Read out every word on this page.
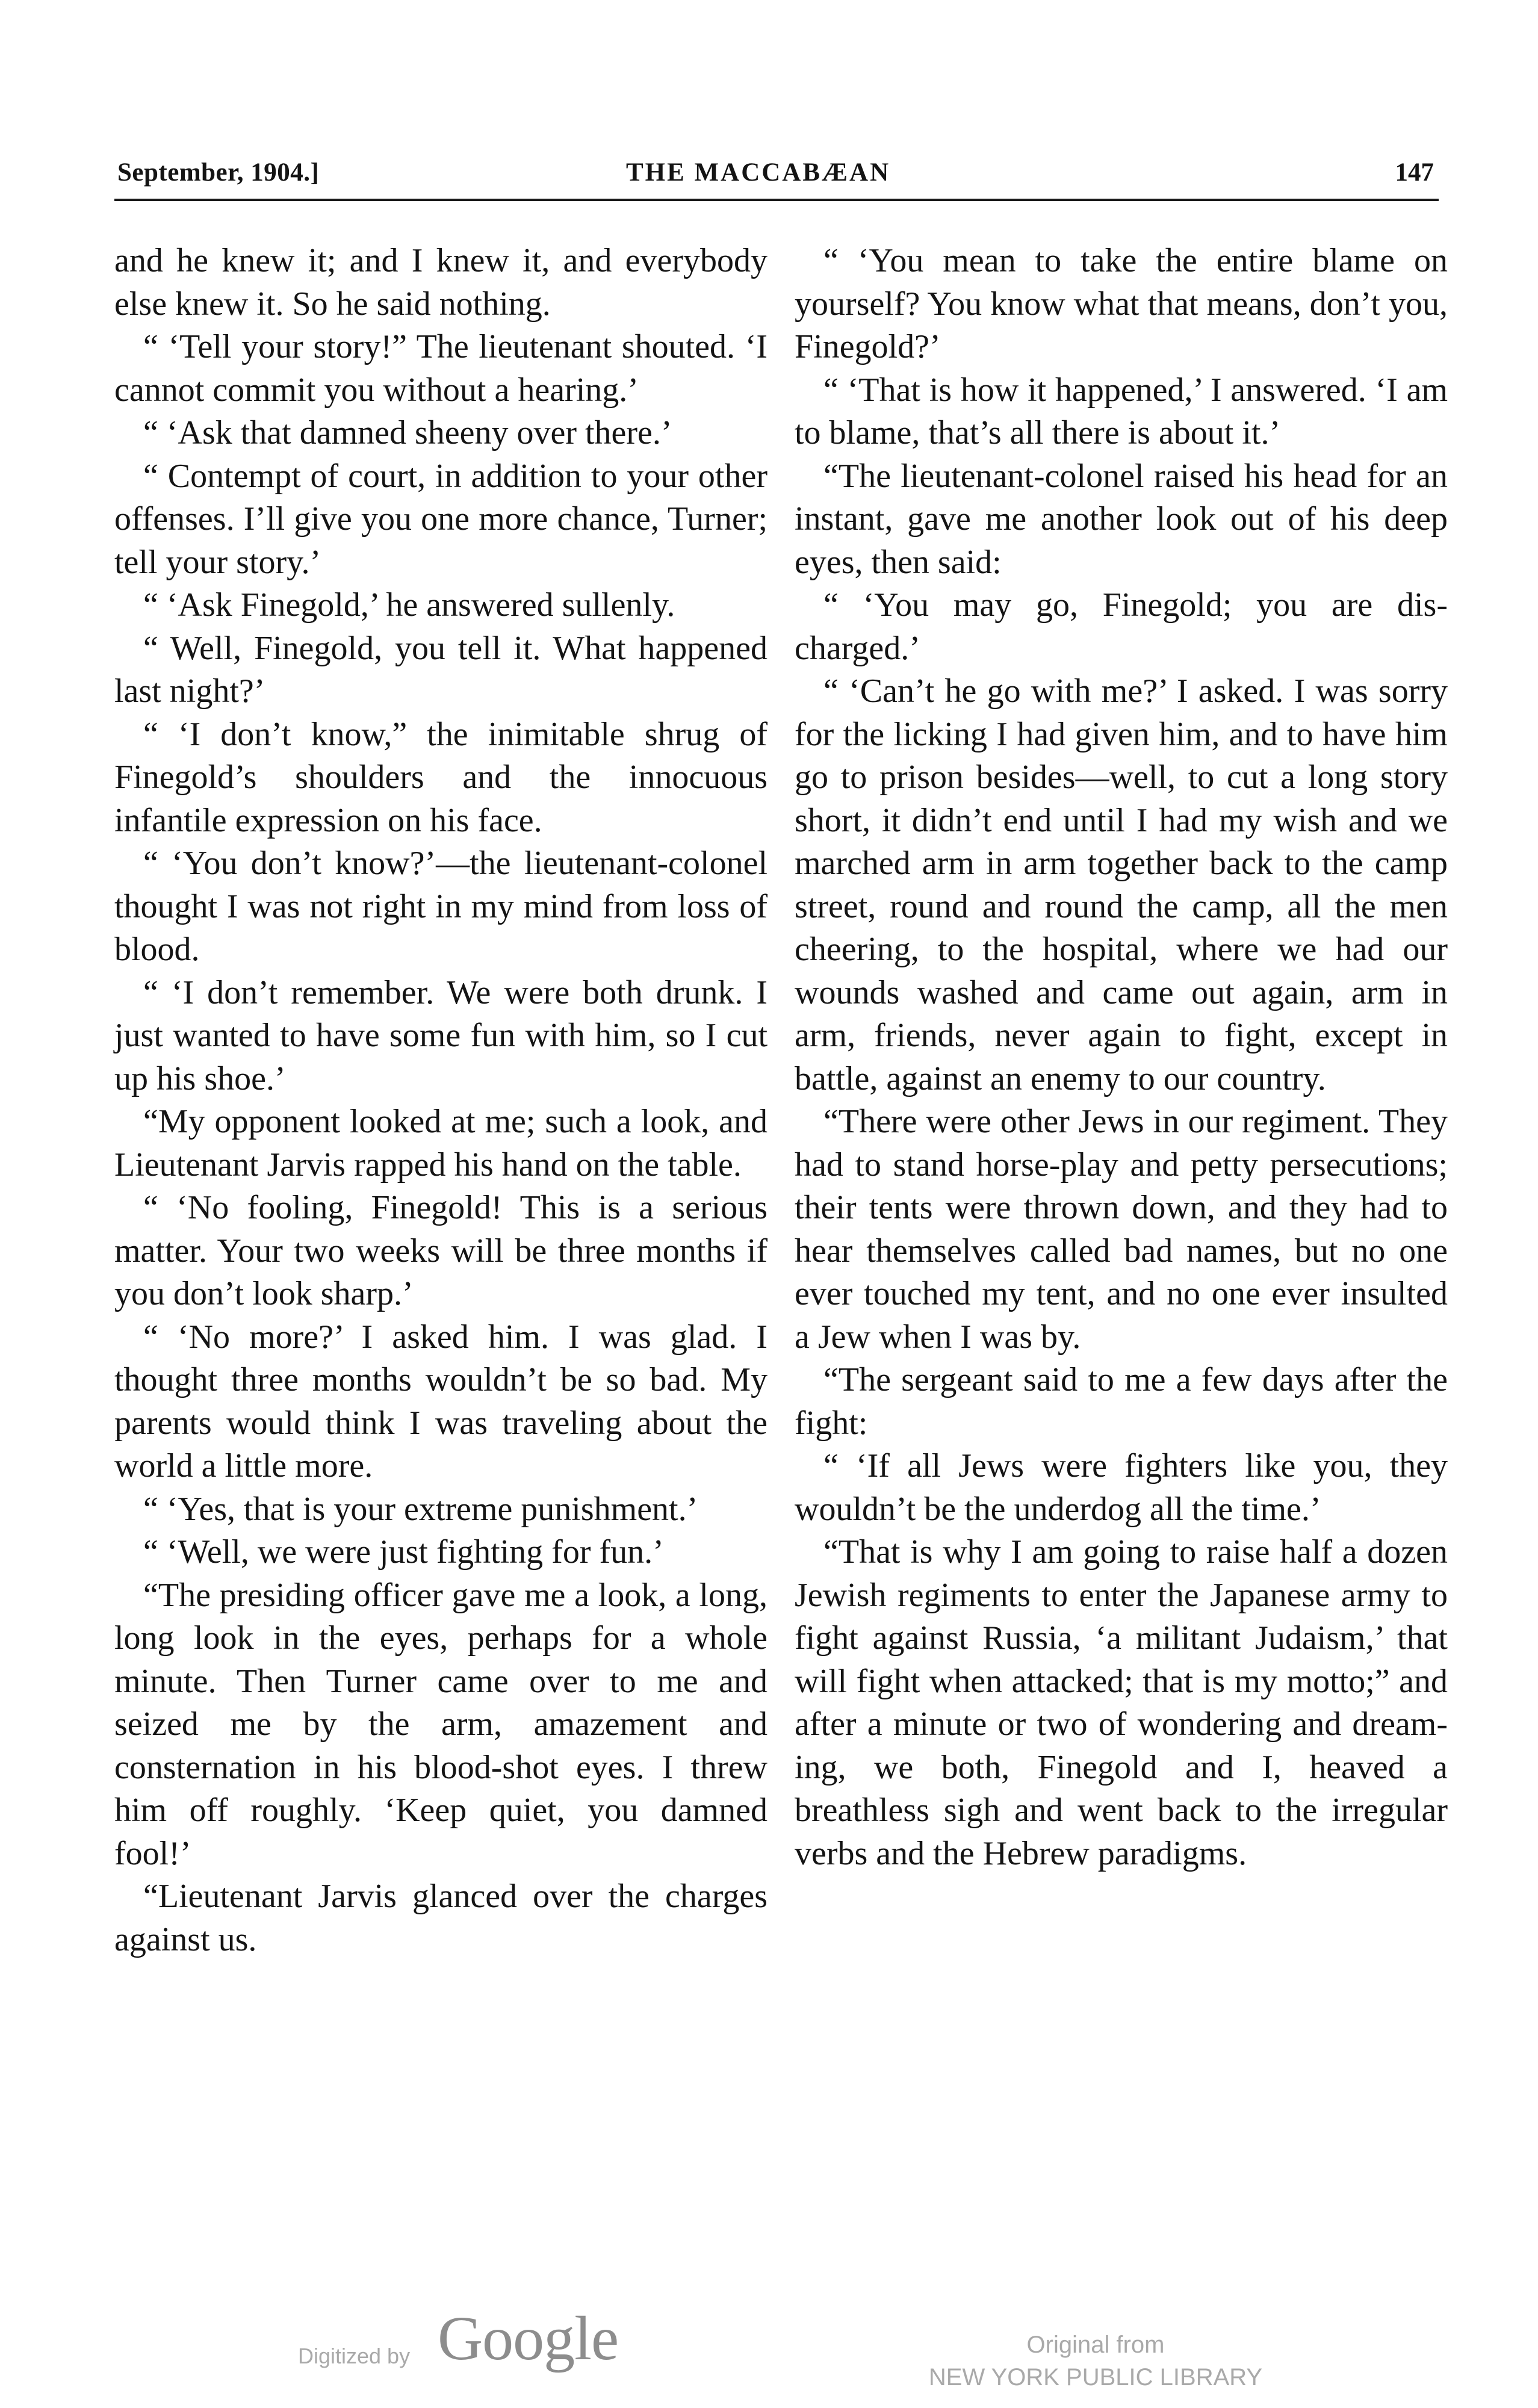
September, 1904.]	THE MACCABÆAN	147

and he knew it; and I knew it, and everybody else knew it. So he said nothing.

“ ‘Tell your story!” The lieutenant shouted. ‘I cannot commit you without a hearing.’

“ ‘Ask that damned sheeny over there.’

“ Contempt of court, in addition to your other offenses. I’ll give you one more chance, Turner; tell your story.’

“ ‘Ask Finegold,’ he answered sullenly.

“ Well, Finegold, you tell it. What happened last night?’

“ ‘I don’t know,” the inimitable shrug of Finegold’s shoulders and the innocuous infantile expression on his face.

“ ‘You don’t know?’—the lieutenant-colonel thought I was not right in my mind from loss of blood.

“ ‘I don’t remember. We were both drunk. I just wanted to have some fun with him, so I cut up his shoe.’

“My opponent looked at me; such a look, and Lieutenant Jarvis rapped his hand on the table.

“ ‘No fooling, Finegold! This is a serious matter. Your two weeks will be three months if you don’t look sharp.’

“ ‘No more?’ I asked him. I was glad. I thought three months wouldn’t be so bad. My parents would think I was traveling about the world a little more.

“ ‘Yes, that is your extreme punishment.’

“ ‘Well, we were just fighting for fun.’

“The presiding officer gave me a look, a long, long look in the eyes, perhaps for a whole minute. Then Turner came over to me and seized me by the arm, amazement and consternation in his blood-shot eyes. I threw him off roughly. ‘Keep quiet, you damned fool!’

“Lieutenant Jarvis glanced over the charges against us.

“ ‘You mean to take the entire blame on yourself? You know what that means, don’t you, Finegold?’

“ ‘That is how it happened,’ I answered. ‘I am to blame, that’s all there is about it.’

“The lieutenant-colonel raised his head for an instant, gave me another look out of his deep eyes, then said:

“ ‘You may go, Finegold; you are discharged.’

“ ‘Can’t he go with me?’ I asked. I was sorry for the licking I had given him, and to have him go to prison besides—well, to cut a long story short, it didn’t end until I had my wish and we marched arm in arm together back to the camp street, round and round the camp, all the men cheering, to the hospital, where we had our wounds washed and came out again, arm in arm, friends, never again to fight, except in battle, against an enemy to our country.

“There were other Jews in our regiment. They had to stand horse-play and petty persecutions; their tents were thrown down, and they had to hear themselves called bad names, but no one ever touched my tent, and no one ever insulted a Jew when I was by.

“The sergeant said to me a few days after the fight:

“ ‘If all Jews were fighters like you, they wouldn’t be the underdog all the time.’

“That is why I am going to raise half a dozen Jewish regiments to enter the Japanese army to fight against Russia, ‘a militant Judaism,’ that will fight when attacked; that is my motto;” and after a minute or two of wondering and dreaming, we both, Finegold and I, heaved a breathless sigh and went back to the irregular verbs and the Hebrew paradigms.

Digitized by Google	Original from
NEW YORK PUBLIC LIBRARY
